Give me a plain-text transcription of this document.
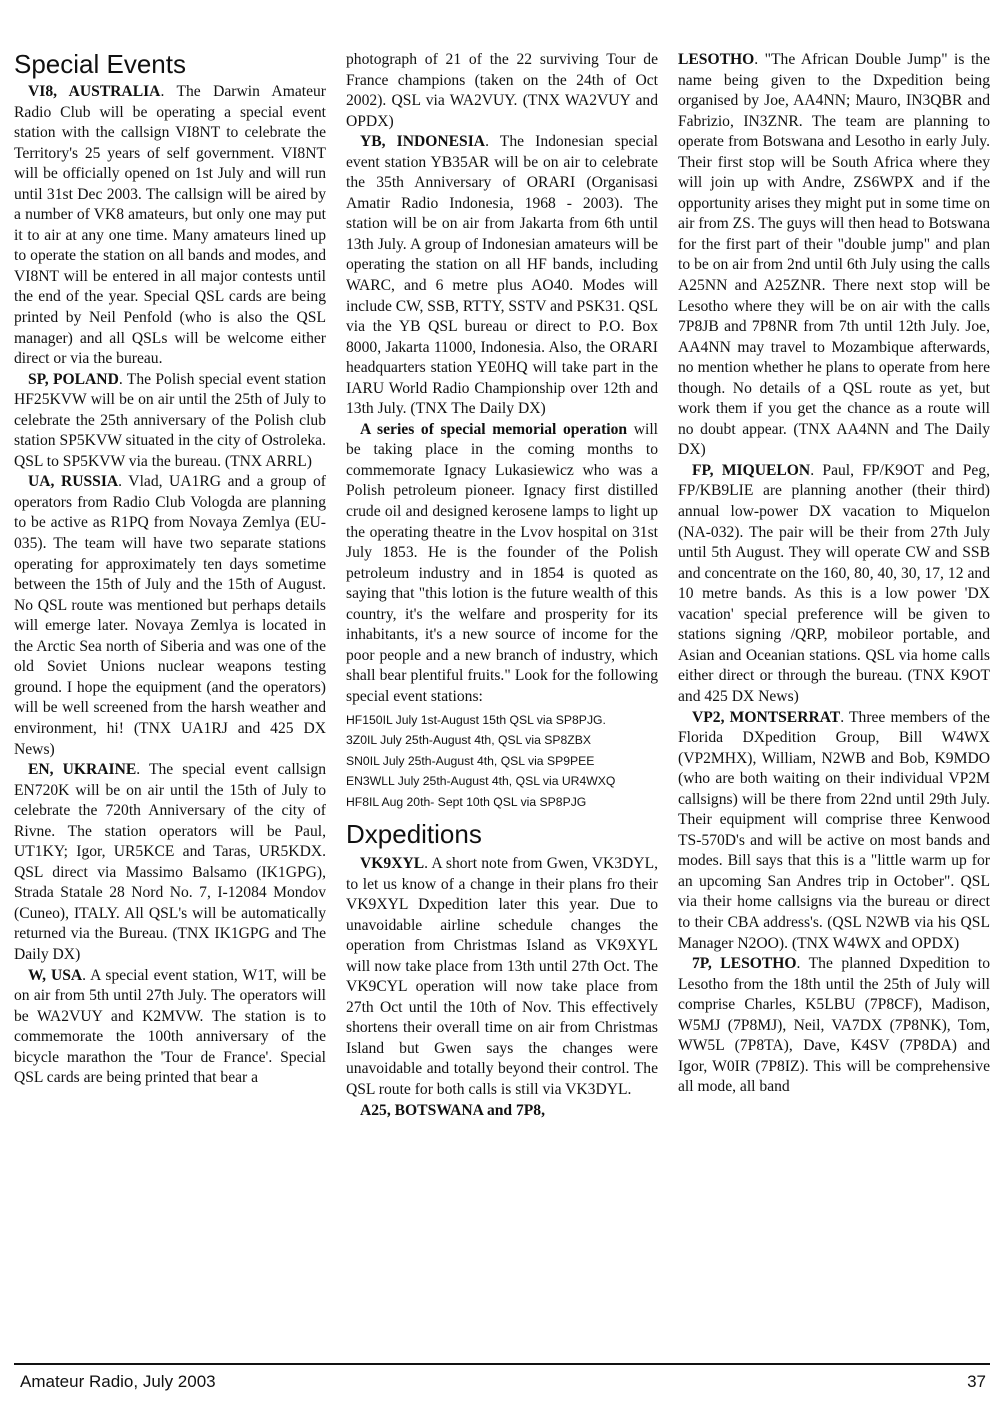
Special Events

VI8, AUSTRALIA. The Darwin Amateur Radio Club will be operating a special event station with the callsign VI8NT to celebrate the Territory's 25 years of self government. VI8NT will be officially opened on 1st July and will run until 31st Dec 2003. The callsign will be aired by a number of VK8 amateurs, but only one may put it to air at any one time. Many amateurs lined up to operate the station on all bands and modes, and VI8NT will be entered in all major contests until the end of the year. Special QSL cards are being printed by Neil Penfold (who is also the QSL manager) and all QSLs will be welcome either direct or via the bureau.

SP, POLAND. The Polish special event station HF25KVW will be on air until the 25th of July to celebrate the 25th anniversary of the Polish club station SP5KVW situated in the city of Ostroleka. QSL to SP5KVW via the bureau. (TNX ARRL)

UA, RUSSIA. Vlad, UA1RG and a group of operators from Radio Club Vologda are planning to be active as R1PQ from Novaya Zemlya (EU-035). The team will have two separate stations operating for approximately ten days sometime between the 15th of July and the 15th of August. No QSL route was mentioned but perhaps details will emerge later. Novaya Zemlya is located in the Arctic Sea north of Siberia and was one of the old Soviet Unions nuclear weapons testing ground. I hope the equipment (and the operators) will be well screened from the harsh weather and environment, hi! (TNX UA1RJ and 425 DX News)

EN, UKRAINE. The special event callsign EN720K will be on air until the 15th of July to celebrate the 720th Anniversary of the city of Rivne. The station operators will be Paul, UT1KY; Igor, UR5KCE and Taras, UR5KDX. QSL direct via Massimo Balsamo (IK1GPG), Strada Statale 28 Nord No. 7, I-12084 Mondov (Cuneo), ITALY. All QSL's will be automatically returned via the Bureau. (TNX IK1GPG and The Daily DX)

W, USA. A special event station, W1T, will be on air from 5th until 27th July. The operators will be WA2VUY and K2MVW. The station is to commemorate the 100th anniversary of the bicycle marathon the 'Tour de France'. Special QSL cards are being printed that bear a

photograph of 21 of the 22 surviving Tour de France champions (taken on the 24th of Oct 2002). QSL via WA2VUY. (TNX WA2VUY and OPDX)

YB, INDONESIA. The Indonesian special event station YB35AR will be on air to celebrate the 35th Anniversary of ORARI (Organisasi Amatir Radio Indonesia, 1968 - 2003). The station will be on air from Jakarta from 6th until 13th July. A group of Indonesian amateurs will be operating the station on all HF bands, including WARC, and 6 metre plus AO40. Modes will include CW, SSB, RTTY, SSTV and PSK31. QSL via the YB QSL bureau or direct to P.O. Box 8000, Jakarta 11000, Indonesia. Also, the ORARI headquarters station YE0HQ will take part in the IARU World Radio Championship over 12th and 13th July. (TNX The Daily DX)

A series of special memorial operation will be taking place in the coming months to commemorate Ignacy Lukasiewicz who was a Polish petroleum pioneer. Ignacy first distilled crude oil and designed kerosene lamps to light up the operating theatre in the Lvov hospital on 31st July 1853. He is the founder of the Polish petroleum industry and in 1854 is quoted as saying that "this lotion is the future wealth of this country, it's the welfare and prosperity for its inhabitants, it's a new source of income for the poor people and a new branch of industry, which shall bear plentiful fruits." Look for the following special event stations:

HF150IL July 1st-August 15th QSL via SP8PJG.
3Z0IL July 25th-August 4th, QSL via SP8ZBX
SN0IL July 25th-August 4th, QSL via SP9PEE
EN3WLL July 25th-August 4th, QSL via UR4WXQ
HF8IL Aug 20th- Sept 10th QSL via SP8PJG
Dxpeditions

VK9XYL. A short note from Gwen, VK3DYL, to let us know of a change in their plans fro their VK9XYL Dxpedition later this year. Due to unavoidable airline schedule changes the operation from Christmas Island as VK9XYL will now take place from 13th until 27th Oct. The VK9CYL operation will now take place from 27th Oct until the 10th of Nov. This effectively shortens their overall time on air from Christmas Island but Gwen says the changes were unavoidable and totally beyond their control. The QSL route for both calls is still via VK3DYL.

A25, BOTSWANA and 7P8,

LESOTHO. "The African Double Jump" is the name being given to the Dxpedition being organised by Joe, AA4NN; Mauro, IN3QBR and Fabrizio, IN3ZNR. The team are planning to operate from Botswana and Lesotho in early July. Their first stop will be South Africa where they will join up with Andre, ZS6WPX and if the opportunity arises they might put in some time on air from ZS. The guys will then head to Botswana for the first part of their "double jump" and plan to be on air from 2nd until 6th July using the calls A25NN and A25ZNR. There next stop will be Lesotho where they will be on air with the calls 7P8JB and 7P8NR from 7th until 12th July. Joe, AA4NN may travel to Mozambique afterwards, no mention whether he plans to operate from here though. No details of a QSL route as yet, but work them if you get the chance as a route will no doubt appear. (TNX AA4NN and The Daily DX)

FP, MIQUELON. Paul, FP/K9OT and Peg, FP/KB9LIE are planning another (their third) annual low-power DX vacation to Miquelon (NA-032). The pair will be their from 27th July until 5th August. They will operate CW and SSB and concentrate on the 160, 80, 40, 30, 17, 12 and 10 metre bands. As this is a low power 'DX vacation' special preference will be given to stations signing /QRP, mobileor portable, and Asian and Oceanian stations. QSL via home calls either direct or through the bureau. (TNX K9OT and 425 DX News)

VP2, MONTSERRAT. Three members of the Florida DXpedition Group, Bill W4WX (VP2MHX), William, N2WB and Bob, K9MDO (who are both waiting on their individual VP2M callsigns) will be there from 22nd until 29th July. Their equipment will comprise three Kenwood TS-570D's and will be active on most bands and modes. Bill says that this is a "little warm up for an upcoming San Andres trip in October". QSL via their home callsigns via the bureau or direct to their CBA address's. (QSL N2WB via his QSL Manager N2OO). (TNX W4WX and OPDX)

7P, LESOTHO. The planned Dxpedition to Lesotho from the 18th until the 25th of July will comprise Charles, K5LBU (7P8CF), Madison, W5MJ (7P8MJ), Neil, VA7DX (7P8NK), Tom, WW5L (7P8TA), Dave, K4SV (7P8DA) and Igor, W0IR (7P8IZ). This will be comprehensive all mode, all band

Amateur Radio, July 2003	37
